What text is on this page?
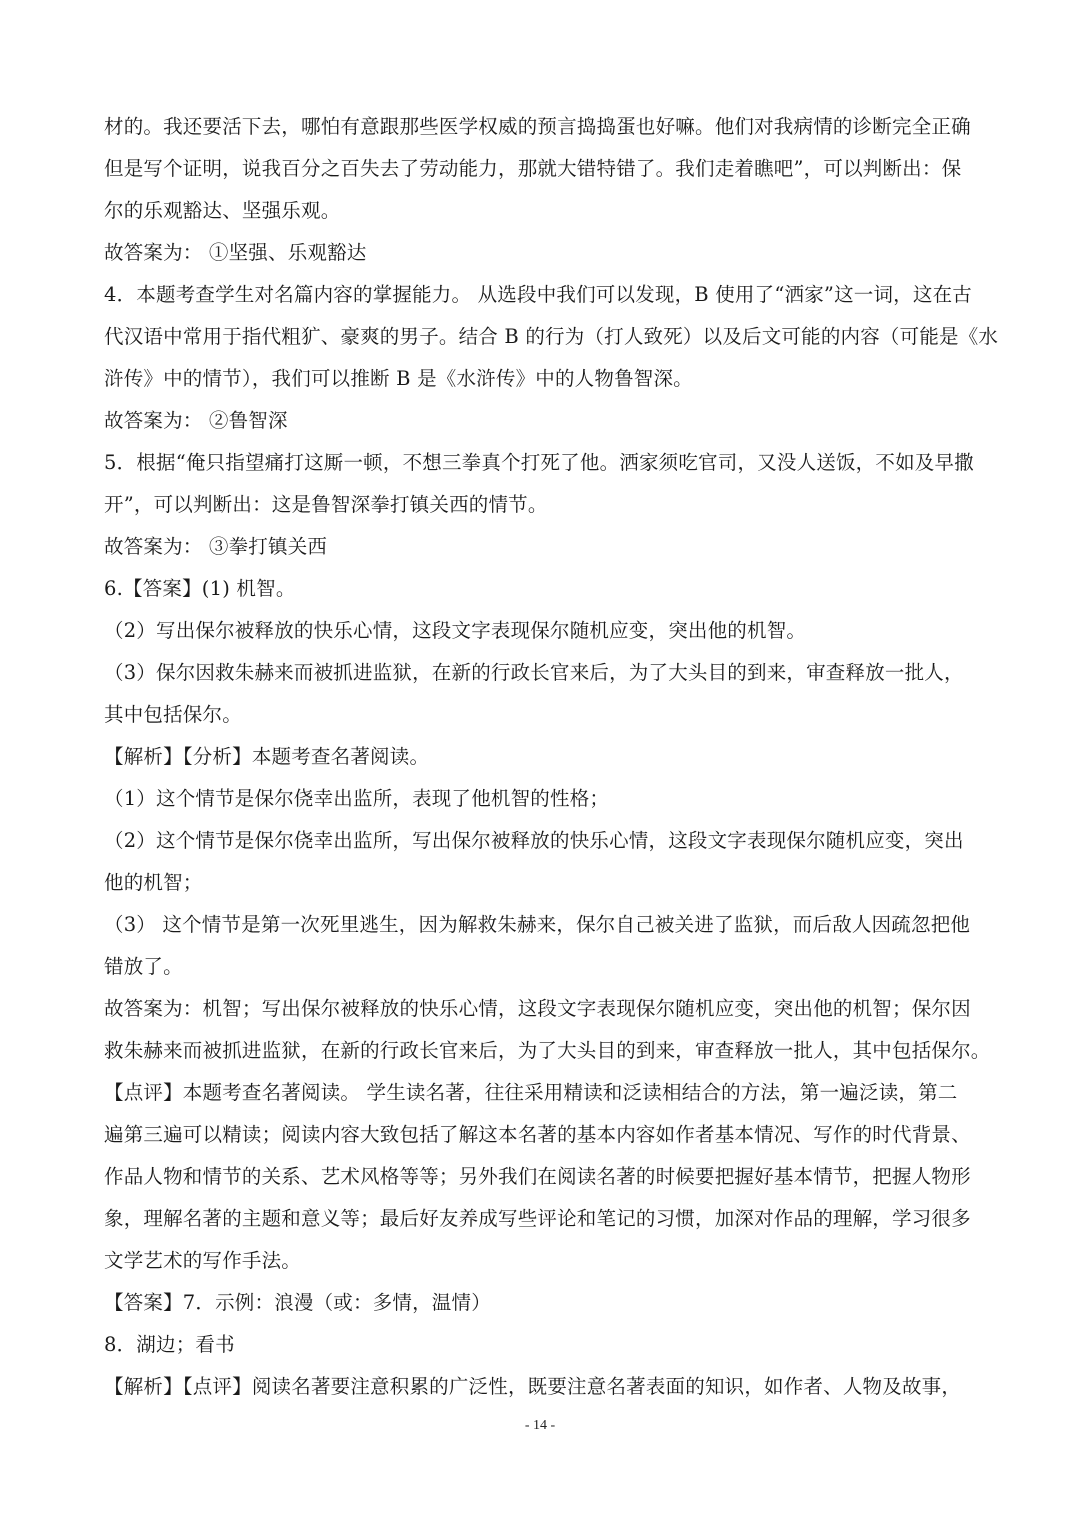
材的。我还要活下去，哪怕有意跟那些医学权威的预言捣捣蛋也好嘛。他们对我病情的诊断完全正确
但是写个证明，说我百分之百失去了劳动能力，那就大错特错了。我们走着瞧吧”，可以判断出：保
尔的乐观豁达、坚强乐观。
故答案为： ①坚强、乐观豁达
4．本题考查学生对名篇内容的掌握能力。 从选段中我们可以发现，B 使用了“洒家”这一词，这在古
代汉语中常用于指代粗犷、豪爽的男子。结合 B 的行为（打人致死）以及后文可能的内容（可能是《水
浒传》中的情节），我们可以推断 B 是《水浒传》中的人物鲁智深。
故答案为： ②鲁智深
5．根据“俺只指望痛打这厮一顿，不想三拳真个打死了他。洒家须吃官司，又没人送饭，不如及早撒
开”，可以判断出：这是鲁智深拳打镇关西的情节。
故答案为： ③拳打镇关西
6.【答案】(1) 机智。
（2）写出保尔被释放的快乐心情，这段文字表现保尔随机应变，突出他的机智。
（3）保尔因救朱赫来而被抓进监狱，在新的行政长官来后，为了大头目的到来，审查释放一批人，
其中包括保尔。
【解析】【分析】本题考查名著阅读。
（1）这个情节是保尔侥幸出监所，表现了他机智的性格；
（2）这个情节是保尔侥幸出监所，写出保尔被释放的快乐心情，这段文字表现保尔随机应变，突出
他的机智；
（3） 这个情节是第一次死里逃生，因为解救朱赫来，保尔自己被关进了监狱，而后敌人因疏忽把他
错放了。
故答案为：机智；写出保尔被释放的快乐心情，这段文字表现保尔随机应变，突出他的机智；保尔因
救朱赫来而被抓进监狱，在新的行政长官来后，为了大头目的到来，审查释放一批人，其中包括保尔。
【点评】本题考查名著阅读。 学生读名著，往往采用精读和泛读相结合的方法，第一遍泛读，第二
遍第三遍可以精读；阅读内容大致包括了解这本名著的基本内容如作者基本情况、写作的时代背景、
作品人物和情节的关系、艺术风格等等；另外我们在阅读名著的时候要把握好基本情节，把握人物形
象，理解名著的主题和意义等；最后好友养成写些评论和笔记的习惯，加深对作品的理解，学习很多
文学艺术的写作手法。
【答案】7．示例：浪漫（或：多情，温情）
8．湖边；看书
【解析】【点评】阅读名著要注意积累的广泛性，既要注意名著表面的知识，如作者、人物及故事，
- 14 -
